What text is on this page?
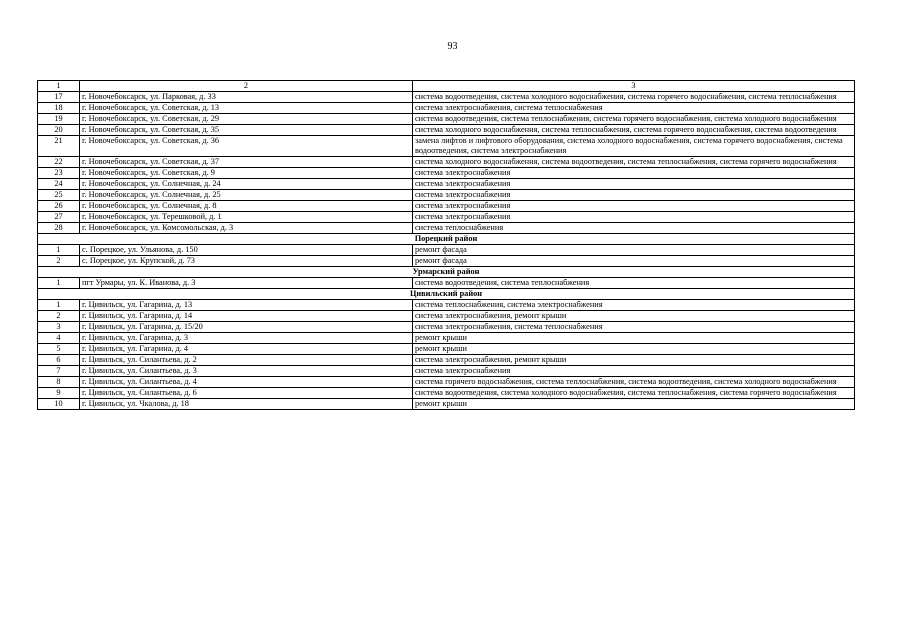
93
1	2	3
17	г. Новочебоксарск, ул. Парковая, д. 33	система водоотведения, система холодного водоснабжения, система горячего водоснабжения, система теплоснабжения
18	г. Новочебоксарск, ул. Советская, д. 13	система электроснабжения, система теплоснабжения
19	г. Новочебоксарск, ул. Советская, д. 29	система водоотведения, система теплоснабжения, система горячего водоснабжения, система холодного водоснабжения
20	г. Новочебоксарск, ул. Советская, д. 35	система холодного водоснабжения, система теплоснабжения, система горячего водоснабжения, система водоотведения
21	г. Новочебоксарск, ул. Советская, д. 36	замена лифтов и лифтового оборудования, система холодного водоснабжения, система горячего водоснабжения, система водоотведения, система электроснабжения
22	г. Новочебоксарск, ул. Советская, д. 37	система холодного водоснабжения, система водоотведения, система теплоснабжения, система горячего водоснабжения
23	г. Новочебоксарск, ул. Советская, д. 9	система электроснабжения
24	г. Новочебоксарск, ул. Солнечная, д. 24	система электроснабжения
25	г. Новочебоксарск, ул. Солнечная, д. 25	система электроснабжения
26	г. Новочебоксарск, ул. Солнечная, д. 8	система электроснабжения
27	г. Новочебоксарск, ул. Терешковой, д. 1	система электроснабжения
28	г. Новочебоксарск, ул. Комсомольская, д. 3	система теплоснабжения
Порецкий район		
1	с. Порецкое, ул. Ульянова, д. 150	ремонт фасада
2	с. Порецкое, ул. Крупской, д. 73	ремонт фасада
Урмарский район		
1	пгт Урмары, ул. К. Иванова, д. 3	система водоотведения, система теплоснабжения
Цивильский район		
1	г. Цивильск, ул. Гагарина, д. 13	система теплоснабжения, система электроснабжения
2	г. Цивильск, ул. Гагарина, д. 14	система электроснабжения, ремонт крыши
3	г. Цивильск, ул. Гагарина, д. 15/20	система электроснабжения, система теплоснабжения
4	г. Цивильск, ул. Гагарина, д. 3	ремонт крыши
5	г. Цивильск, ул. Гагарина, д. 4	ремонт крыши
6	г. Цивильск, ул. Силантьева, д. 2	система электроснабжения, ремонт крыши
7	г. Цивильск, ул. Силантьева, д. 3	система электроснабжения
8	г. Цивильск, ул. Силантьева, д. 4	система горячего водоснабжения, система теплоснабжения, система водоотведения, система холодного водоснабжения
9	г. Цивильск, ул. Силантьева, д. 6	система водоотведения, система холодного водоснабжения, система теплоснабжения, система горячего водоснабжения
10	г. Цивильск, ул. Чкалова, д. 18	ремонт крыши
